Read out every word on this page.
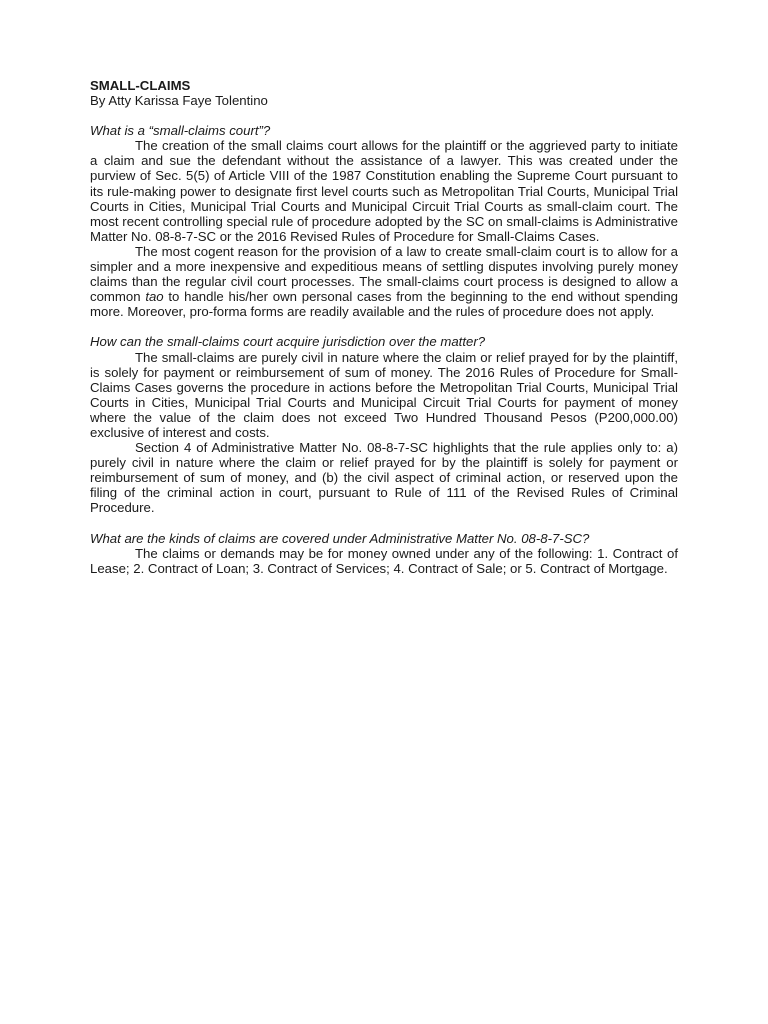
SMALL-CLAIMS

By Atty Karissa Faye Tolentino

What is a “small-claims court”?

The creation of the small claims court allows for the plaintiff or the aggrieved party to initiate a claim and sue the defendant without the assistance of a lawyer. This was created under the purview of Sec. 5(5) of Article VIII of the 1987 Constitution enabling the Supreme Court pursuant to its rule-making power to designate first level courts such as Metropolitan Trial Courts, Municipal Trial Courts in Cities, Municipal Trial Courts and Municipal Circuit Trial Courts as small-claim court. The most recent controlling special rule of procedure adopted by the SC on small-claims is Administrative Matter No. 08-8-7-SC or the 2016 Revised Rules of Procedure for Small-Claims Cases.

The most cogent reason for the provision of a law to create small-claim court is to allow for a simpler and a more inexpensive and expeditious means of settling disputes involving purely money claims than the regular civil court processes. The small-claims court process is designed to allow a common tao to handle his/her own personal cases from the beginning to the end without spending more. Moreover, pro-forma forms are readily available and the rules of procedure does not apply.

How can the small-claims court acquire jurisdiction over the matter?

The small-claims are purely civil in nature where the claim or relief prayed for by the plaintiff, is solely for payment or reimbursement of sum of money. The 2016 Rules of Procedure for Small-Claims Cases governs the procedure in actions before the Metropolitan Trial Courts, Municipal Trial Courts in Cities, Municipal Trial Courts and Municipal Circuit Trial Courts for payment of money where the value of the claim does not exceed Two Hundred Thousand Pesos (P200,000.00) exclusive of interest and costs.

Section 4 of Administrative Matter No. 08-8-7-SC highlights that the rule applies only to: a) purely civil in nature where the claim or relief prayed for by the plaintiff is solely for payment or reimbursement of sum of money, and (b) the civil aspect of criminal action, or reserved upon the filing of the criminal action in court, pursuant to Rule of 111 of the Revised Rules of Criminal Procedure.

What are the kinds of claims are covered under Administrative Matter No. 08-8-7-SC?

The claims or demands may be for money owned under any of the following: 1. Contract of Lease; 2. Contract of Loan; 3. Contract of Services; 4. Contract of Sale; or 5. Contract of Mortgage.
